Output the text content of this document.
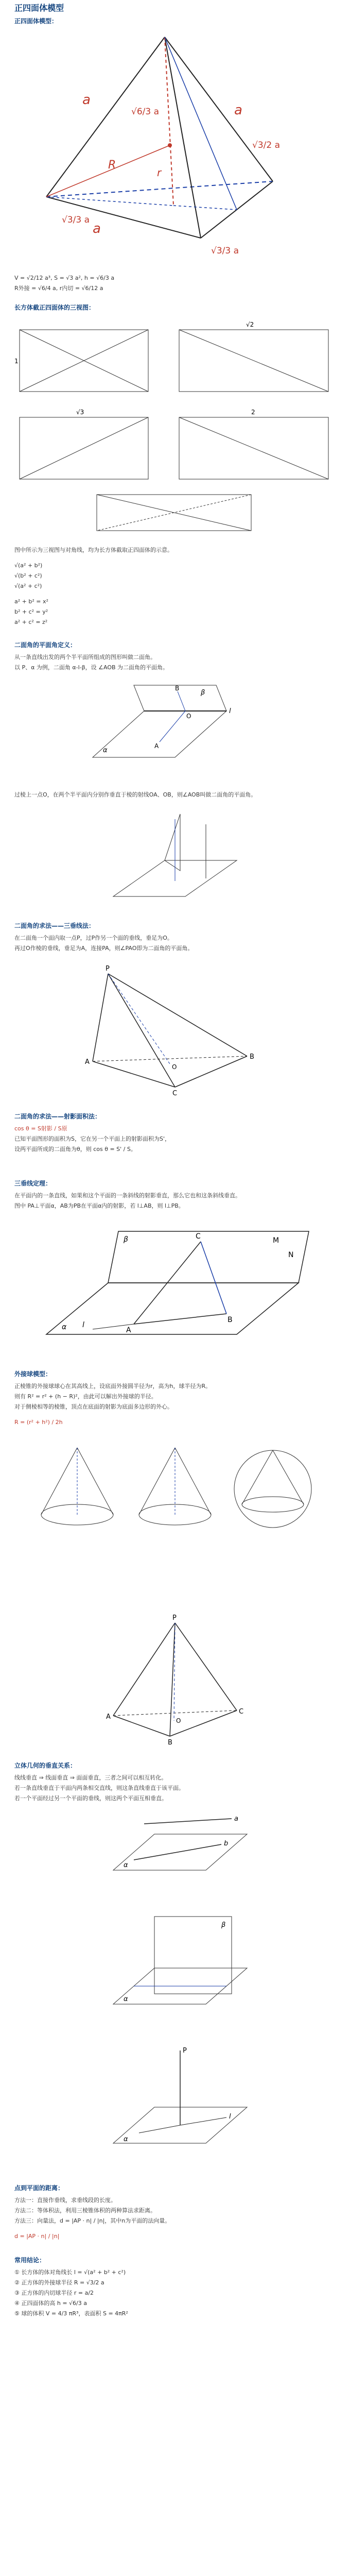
正四面体模型
正四面体模型：
a
a
a
R
r
√6/3 a
√3/2 a
√3/3 a
√3/3 a
V = √2/12 a³, S = √3 a², h = √6/3 a
R外接 = √6/4 a, r内切 = √6/12 a
长方体截正四面体的三视图：
1
√2
√3	2
图中所示为三视图与对角线，均为长方体截取正四面体的示意。
√(a² + b²)
√(b² + c²)
√(a² + c²)
a² + b² = x²
b² + c² = y²
a² + c² = z²
二面角的平面角定义：
从一条直线出发的两个半平面所组成的图形叫做二面角。
以 P、α 为例，二面角 α-l-β，设 ∠AOB 为二面角的平面角。
α
β
l
O
A
B
过棱上一点O，在两个半平面内分别作垂直于棱的射线OA、OB，则∠AOB叫做二面角的平面角。
二面角的求法——三垂线法：
在二面角一个面内取一点P，过P作另一个面的垂线，垂足为O。
再过O作棱的垂线，垂足为A，连接PA，则∠PAO即为二面角的平面角。
P
A
C
B
O
二面角的求法——射影面积法：
cos θ = S射影 / S原
已知平面图形的面积为S，它在另一个平面上的射影面积为S'，
设两平面所成的二面角为θ，则 cos θ = S' / S。
三垂线定理：
在平面内的一条直线，如果和这个平面的一条斜线的射影垂直，那么它也和这条斜线垂直。
图中 PA⊥平面α，AB为PB在平面α内的射影，若 l⊥AB，则 l⊥PB。
C
A
B
M
N
α
β
l
外接球模型：
正棱锥的外接球球心在其高线上，设底面外接圆半径为r，高为h，球半径为R。
则有 R² = r² + (h − R)²，由此可以解出外接球的半径。
对于侧棱相等的棱锥，顶点在底面的射影为底面多边形的外心。
R = (r² + h²) / 2h
P
O
A
B
C
立体几何的垂直关系：
线线垂直 ⇒ 线面垂直 ⇒ 面面垂直，三者之间可以相互转化。
若一条直线垂直于平面内两条相交直线，则这条直线垂直于该平面。
若一个平面经过另一个平面的垂线，则这两个平面互相垂直。
a
b
α
α
β
P
α
l
点到平面的距离：
方法一：直接作垂线，求垂线段的长度。
方法二：等体积法，利用三棱锥体积的两种算法求距离。
方法三：向量法，d = |AP · n| / |n|，其中n为平面的法向量。
d = |AP · n| / |n|
常用结论：
① 长方体的体对角线长 l = √(a² + b² + c²)
② 正方体的外接球半径 R = √3/2 a
③ 正方体的内切球半径 r = a/2
④ 正四面体的高 h = √6/3 a
⑤ 球的体积 V = 4/3 πR³，表面积 S = 4πR²
